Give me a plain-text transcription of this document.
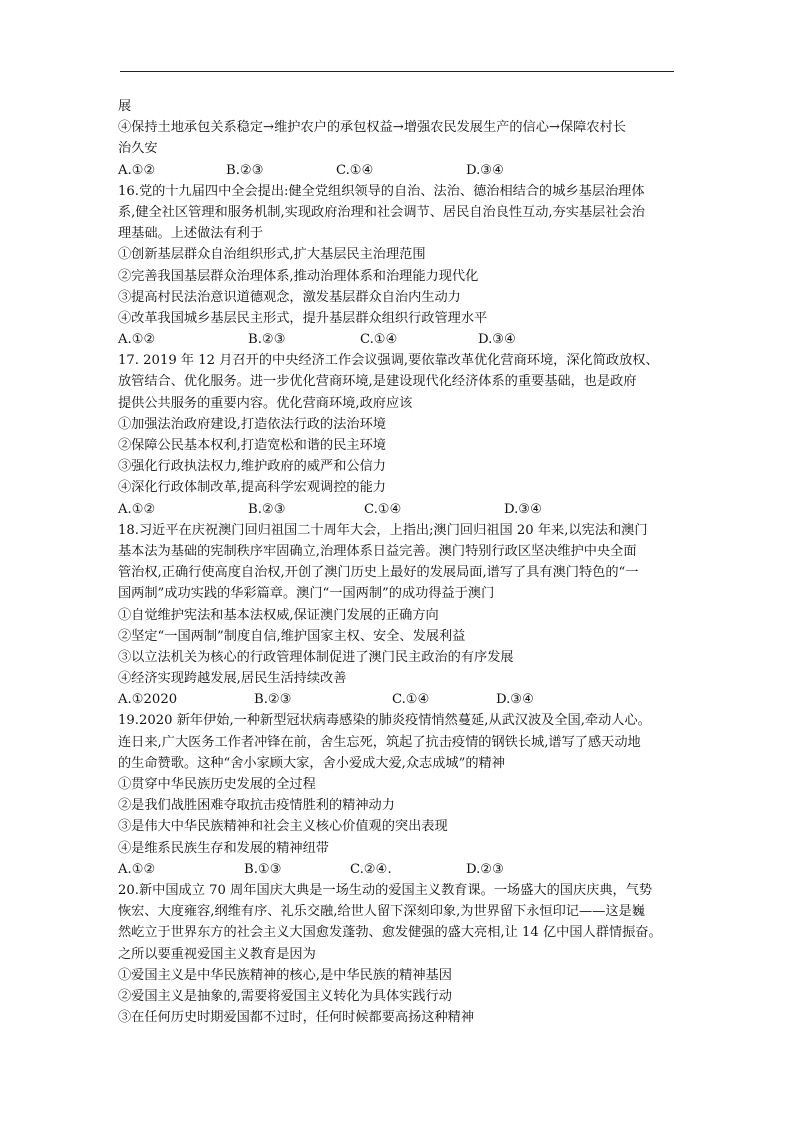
展
④保持土地承包关系稳定→维护农户的承包权益→增强农民发展生产的信心→保障农村长
治久安
A.①②	B.②③	C.①④	D.③④
16.党的十九届四中全会提出:健全党组织领导的自治、法治、德治相结合的城乡基层治理体
系,健全社区管理和服务机制,实现政府治理和社会调节、居民自治良性互动,夯实基层社会治
理基础。上述做法有利于
①创新基层群众自治组织形式,扩大基层民主治理范围
②完善我国基层群众治理体系,推动治理体系和治理能力现代化
③提高村民法治意识道德观念，激发基层群众自治内生动力
④改革我国城乡基层民主形式，提升基层群众组织行政管理水平
A.①②	B.②③	C.①④	D.③④
17. 2019 年 12 月召开的中央经济工作会议强调,要依靠改革优化营商环境，深化简政放权、
放管结合、优化服务。进一步优化营商环境,是建设现代化经济体系的重要基础，也是政府
提供公共服务的重要内容。优化营商环境,政府应该
①加强法治政府建设,打造依法行政的法治环境
②保障公民基本权利,打造宽松和谐的民主环境
③强化行政执法权力,维护政府的威严和公信力
④深化行政体制改革,提高科学宏观调控的能力
A.①②	B.②③	C.①④	D.③④
18.习近平在庆祝澳门回归祖国二十周年大会，上指出;澳门回归祖国 20 年来,以宪法和澳门
基本法为基础的宪制秩序牢固确立,治理体系日益完善。澳门特别行政区坚决维护中央全面
管治权,正确行使高度自治权,开创了澳门历史上最好的发展局面,谱写了具有澳门特色的“一
国两制”成功实践的华彩篇章。澳门“一国两制”的成功得益于澳门
①自觉维护宪法和基本法权威,保证澳门发展的正确方向
②坚定“一国两制”制度自信,维护国家主权、安全、发展利益
③以立法机关为核心的行政管理体制促进了澳门民主政治的有序发展
④经济实现跨越发展,居民生活持续改善
A.①2020	B.②③	C.①④	D.③④
19.2020 新年伊始,一种新型冠状病毒感染的肺炎疫情悄然蔓延,从武汉波及全国,牵动人心。
连日来,广大医务工作者冲锋在前，舍生忘死，筑起了抗击疫情的钢铁长城,谱写了感天动地
的生命赞歌。这种“舍小家顾大家，舍小爱成大爱,众志成城”的精神
①贯穿中华民族历史发展的全过程
②是我们战胜困难夺取抗击疫情胜利的精神动力
③是伟大中华民族精神和社会主义核心价值观的突出表现
④是维系民族生存和发展的精神纽带
A.①②	B.①③	C.②④.	D.②③
20.新中国成立 70 周年国庆大典是一场生动的爱国主义教育课。一场盛大的国庆庆典，气势
恢宏、大度雍容,纲维有序、礼乐交融,给世人留下深刻印象,为世界留下永恒印记——这是巍
然屹立于世界东方的社会主义大国愈发蓬勃、愈发健强的盛大亮相,让 14 亿中国人群情振奋。
之所以要重视爱国主义教育是因为
①爱国主义是中华民族精神的核心,是中华民族的精神基因
②爱国主义是抽象的,需要将爱国主义转化为具体实践行动
③在任何历史时期爱国都不过时，任何时候都要高扬这种精神
